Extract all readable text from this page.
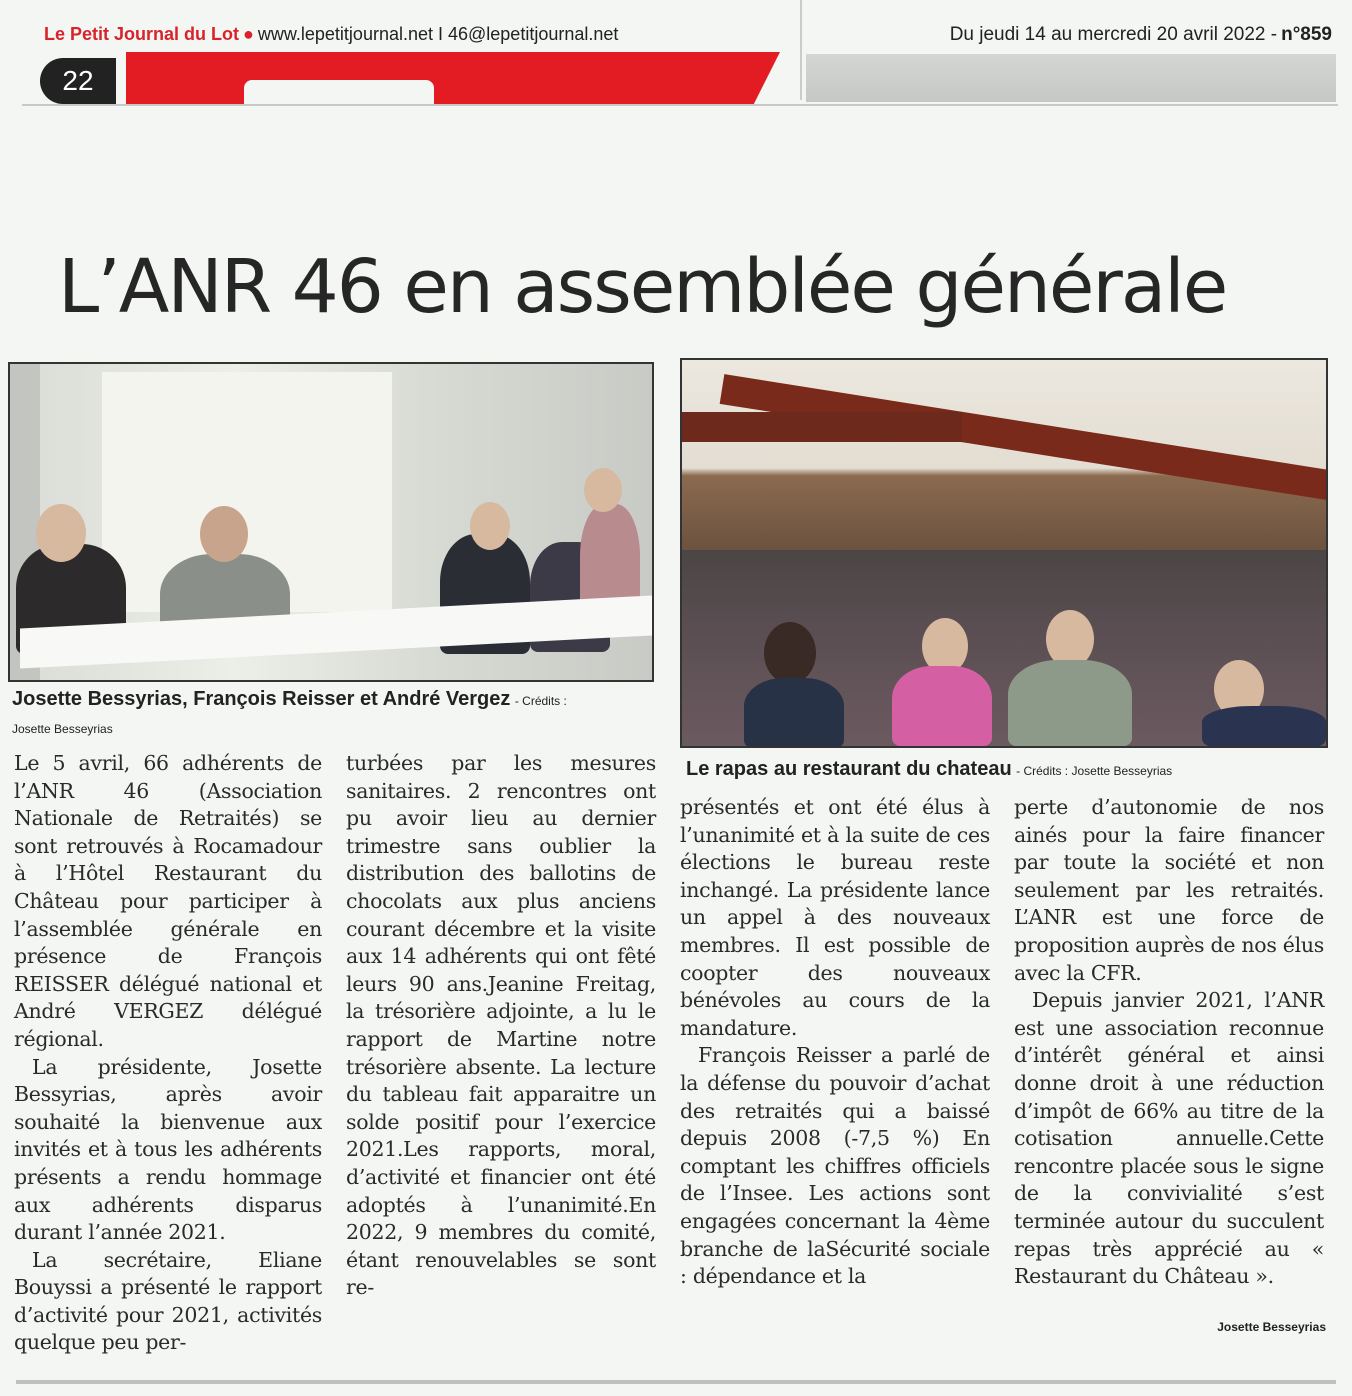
Le Petit Journal du Lot ● www.lepetitjournal.net I 46@lepetitjournal.net	Du jeudi 14 au mercredi 20 avril 2022 - n°859
22
L’ANR 46 en assemblée générale
Josette Bessyrias, François Reisser et André Vergez - Crédits :
Josette Besseyrias
Le rapas au restaurant du chateau - Crédits : Josette Besseyrias

Le 5 avril, 66 adhérents de l’ANR 46 (Association Nationale de Retraités) se sont retrouvés à Rocamadour à l’Hôtel Restaurant du Château pour participer à l’assemblée générale en présence de François REISSER délégué national et André VERGEZ délégué régional.

La présidente, Josette Bessyrias, après avoir souhaité la bienvenue aux invités et à tous les adhérents présents a rendu hommage aux adhérents disparus durant l’année 2021.

La secrétaire, Eliane Bouyssi a présenté le rapport d’activité pour 2021, activités quelque peu per-

turbées par les mesures sanitaires. 2 rencontres ont pu avoir lieu au dernier trimestre sans oublier la distribution des ballotins de chocolats aux plus anciens courant décembre et la visite aux 14 adhérents qui ont fêté leurs 90 ans.Jeanine Freitag, la trésorière adjointe, a lu le rapport de Martine notre trésorière absente. La lecture du tableau fait apparaitre un solde positif pour l’exercice 2021.Les rapports, moral, d’activité et financier ont été adoptés à l’unanimité.En 2022, 9 membres du comité, étant renouvelables se sont re-

présentés et ont été élus à l’unanimité et à la suite de ces élections le bureau reste inchangé. La présidente lance un appel à des nouveaux membres. Il est possible de coopter des nouveaux bénévoles au cours de la mandature.

François Reisser a parlé de la défense du pouvoir d’achat des retraités qui a baissé depuis 2008 (-7,5 %) En comptant les chiffres officiels de l’Insee. Les actions sont engagées concernant la 4ème branche de laSécurité sociale : dépendance et la

perte d’autonomie de nos ainés pour la faire financer par toute la société et non seulement par les retraités. L’ANR est une force de proposition auprès de nos élus avec la CFR.

Depuis janvier 2021, l’ANR est une association reconnue d’intérêt général et ainsi donne droit à une réduction d’impôt de 66% au titre de la cotisation annuelle.Cette rencontre placée sous le signe de la convivialité s’est terminée autour du succulent repas très apprécié au « Restaurant du Château ».

Josette Besseyrias
